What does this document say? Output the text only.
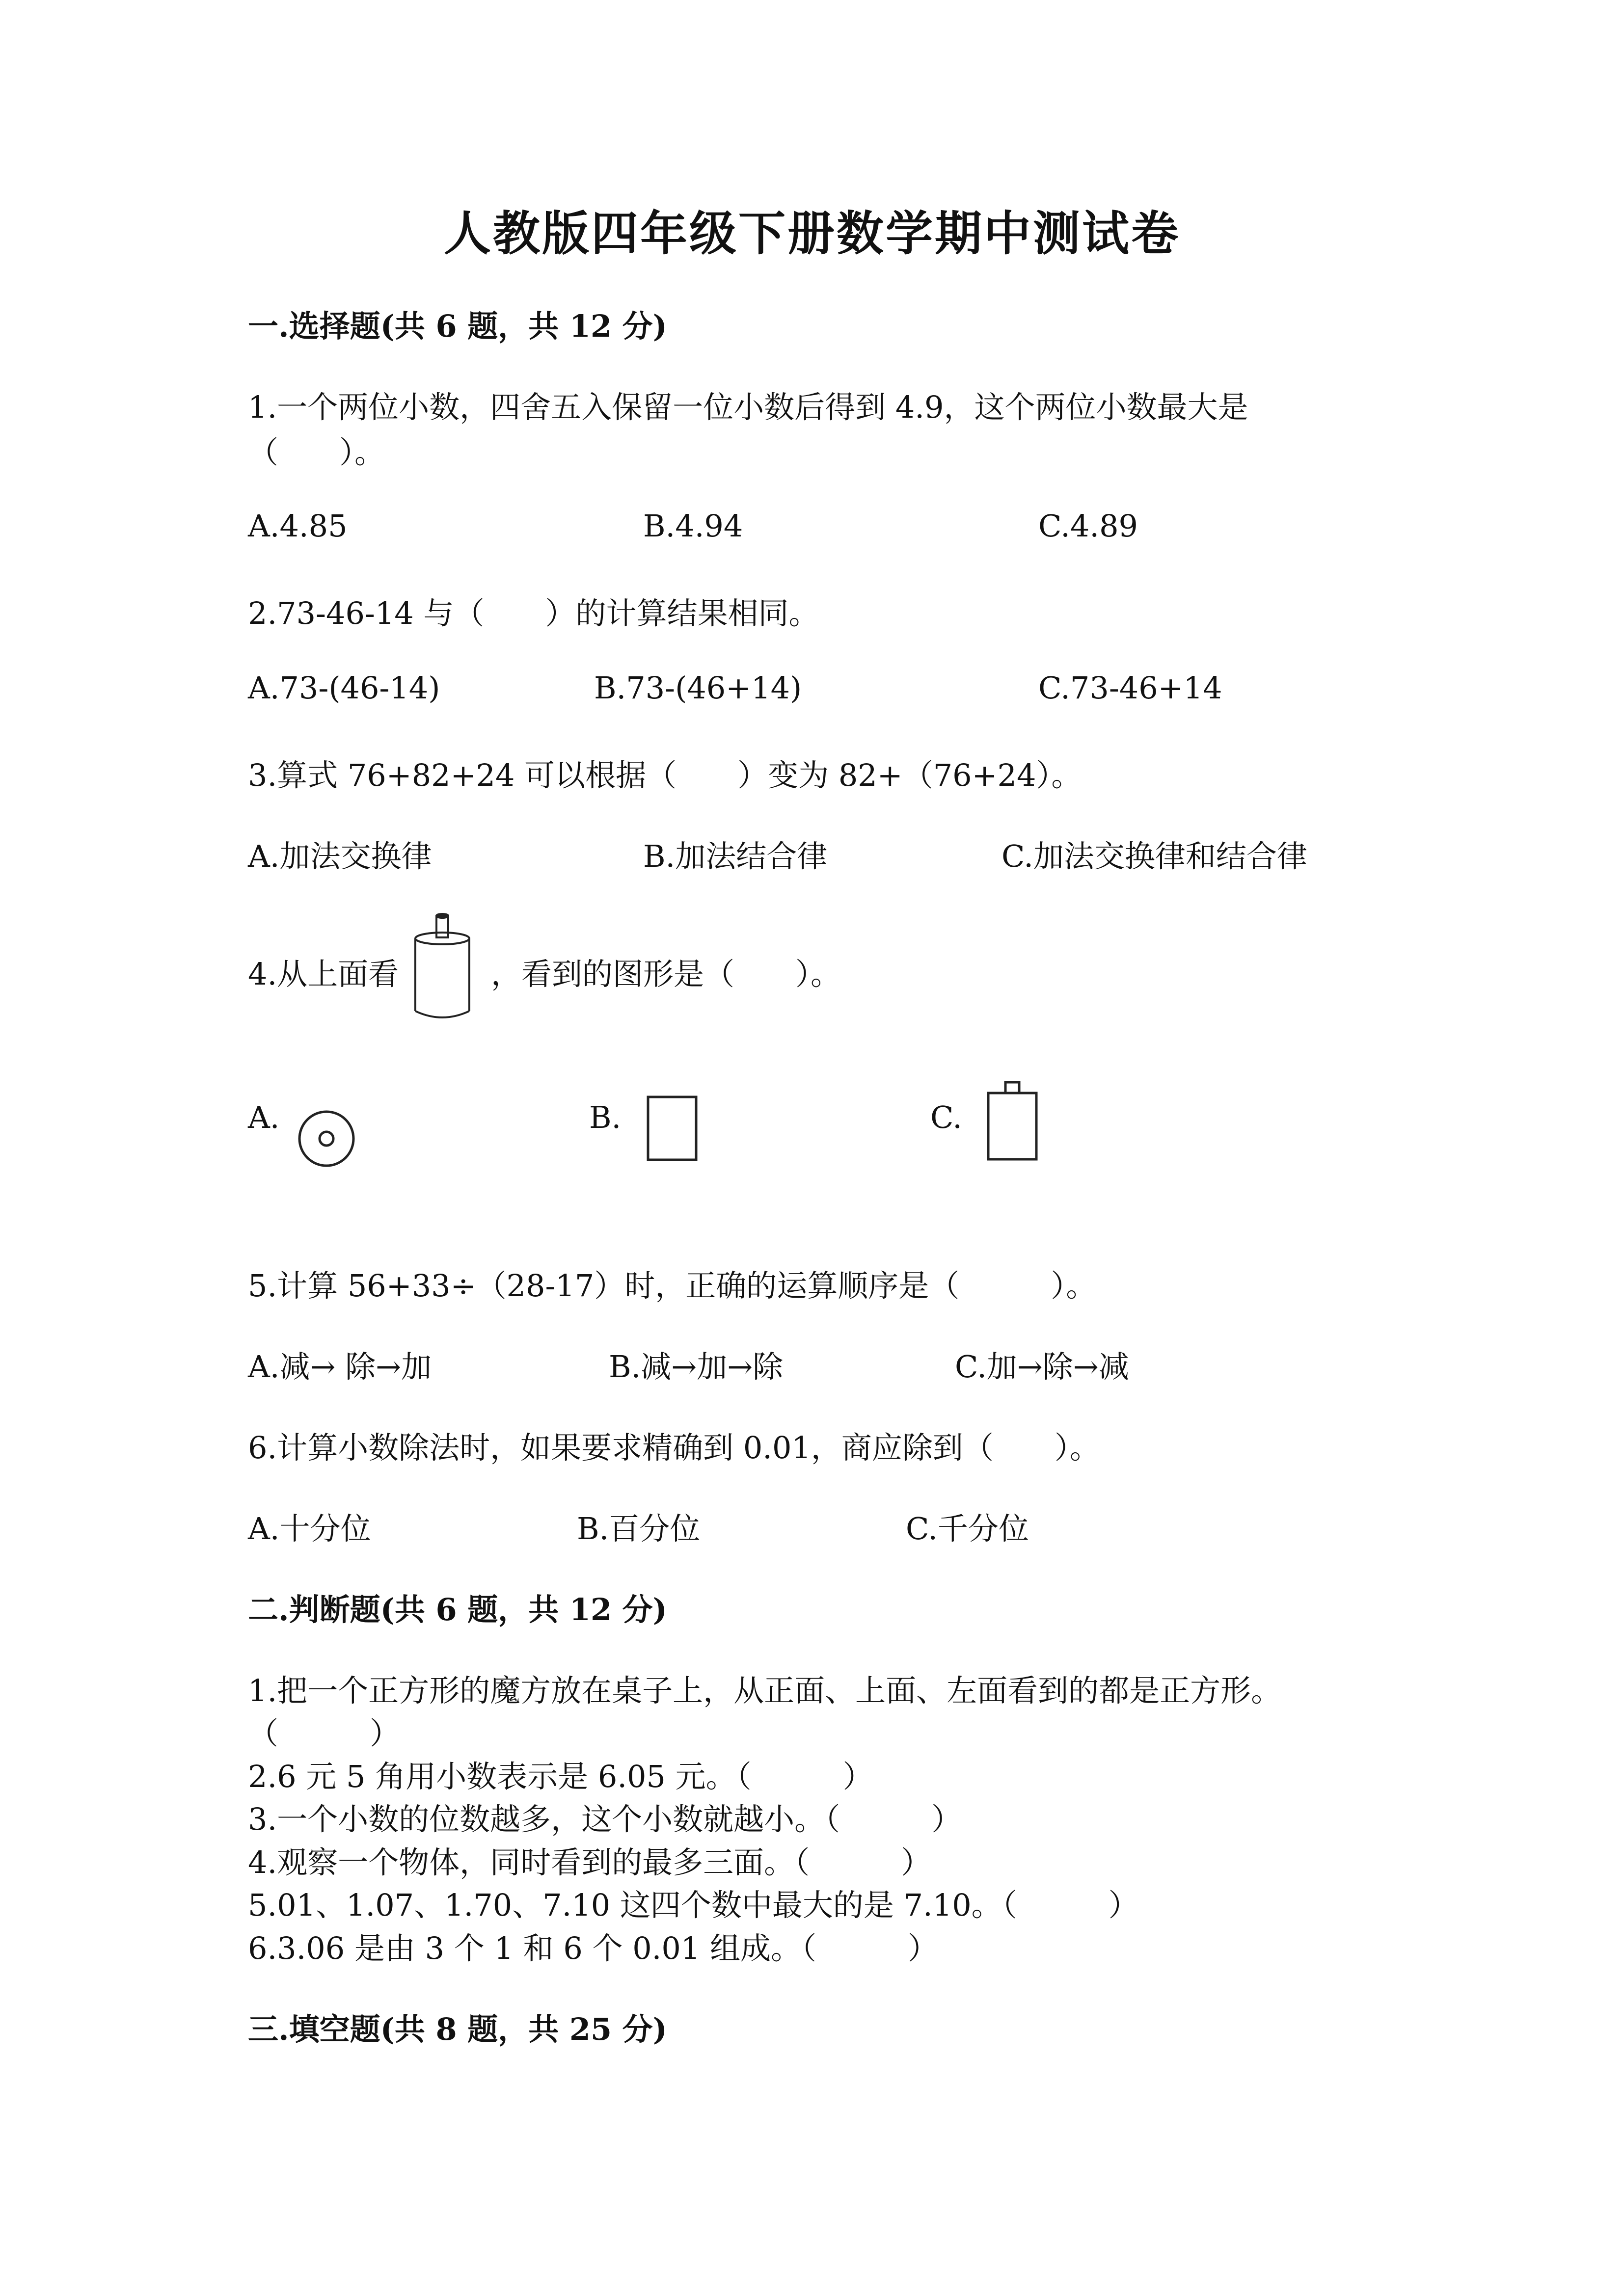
人教版四年级下册数学期中测试卷
一.选择题(共 6 题，共 12 分)
1.一个两位小数，四舍五入保留一位小数后得到 4.9，这个两位小数最大是
（　　）。
A.4.85	B.4.94	C.4.89
2.73-46-14 与（　　）的计算结果相同。
A.73-(46-14)	B.73-(46+14)	C.73-46+14
3.算式 76+82+24 可以根据（　　）变为 82+（76+24）。
A.加法交换律	B.加法结合律	C.加法交换律和结合律
4.从上面看	，看到的图形是（　　）。
A.	B.	C.
5.计算 56+33÷（28-17）时，正确的运算顺序是（　　　）。
A.减→ 除→加	B.减→加→除	C.加→除→减
6.计算小数除法时，如果要求精确到 0.01，商应除到（　　）。
A.十分位	B.百分位	C.千分位
二.判断题(共 6 题，共 12 分)
1.把一个正方形的魔方放在桌子上，从正面、上面、左面看到的都是正方形。
（　　　）
2.6 元 5 角用小数表示是 6.05 元。（　　　）
3.一个小数的位数越多，这个小数就越小。（　　　）
4.观察一个物体，同时看到的最多三面。（　　　）
5.01、1.07、1.70、7.10 这四个数中最大的是 7.10。（　　　）
6.3.06 是由 3 个 1 和 6 个 0.01 组成。（　　　）
三.填空题(共 8 题，共 25 分)
